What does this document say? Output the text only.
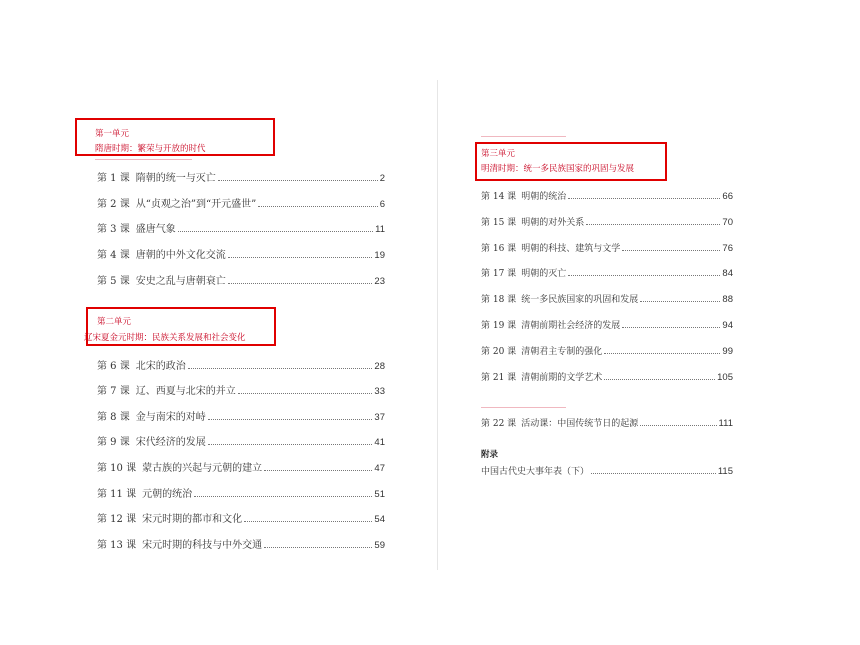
第一单元
隋唐时期：繁荣与开放的时代
第 1 课 隋朝的统一与灭亡	2
第 2 课 从“贞观之治”到“开元盛世”	6
第 3 课 盛唐气象	11
第 4 课 唐朝的中外文化交流	19
第 5 课 安史之乱与唐朝衰亡	23
第二单元
辽宋夏金元时期：民族关系发展和社会变化
第 6 课 北宋的政治	28
第 7 课 辽、西夏与北宋的并立	33
第 8 课 金与南宋的对峙	37
第 9 课 宋代经济的发展	41
第 10 课 蒙古族的兴起与元朝的建立	47
第 11 课 元朝的统治	51
第 12 课 宋元时期的都市和文化	54
第 13 课 宋元时期的科技与中外交通	59
第三单元
明清时期：统一多民族国家的巩固与发展
第 14 课 明朝的统治	66
第 15 课 明朝的对外关系	70
第 16 课 明朝的科技、建筑与文学	76
第 17 课 明朝的灭亡	84
第 18 课 统一多民族国家的巩固和发展	88
第 19 课 清朝前期社会经济的发展	94
第 20 课 清朝君主专制的强化	99
第 21 课 清朝前期的文学艺术	105
第 22 课 活动课：中国传统节日的起源	111
附录
中国古代史大事年表（下）	115
